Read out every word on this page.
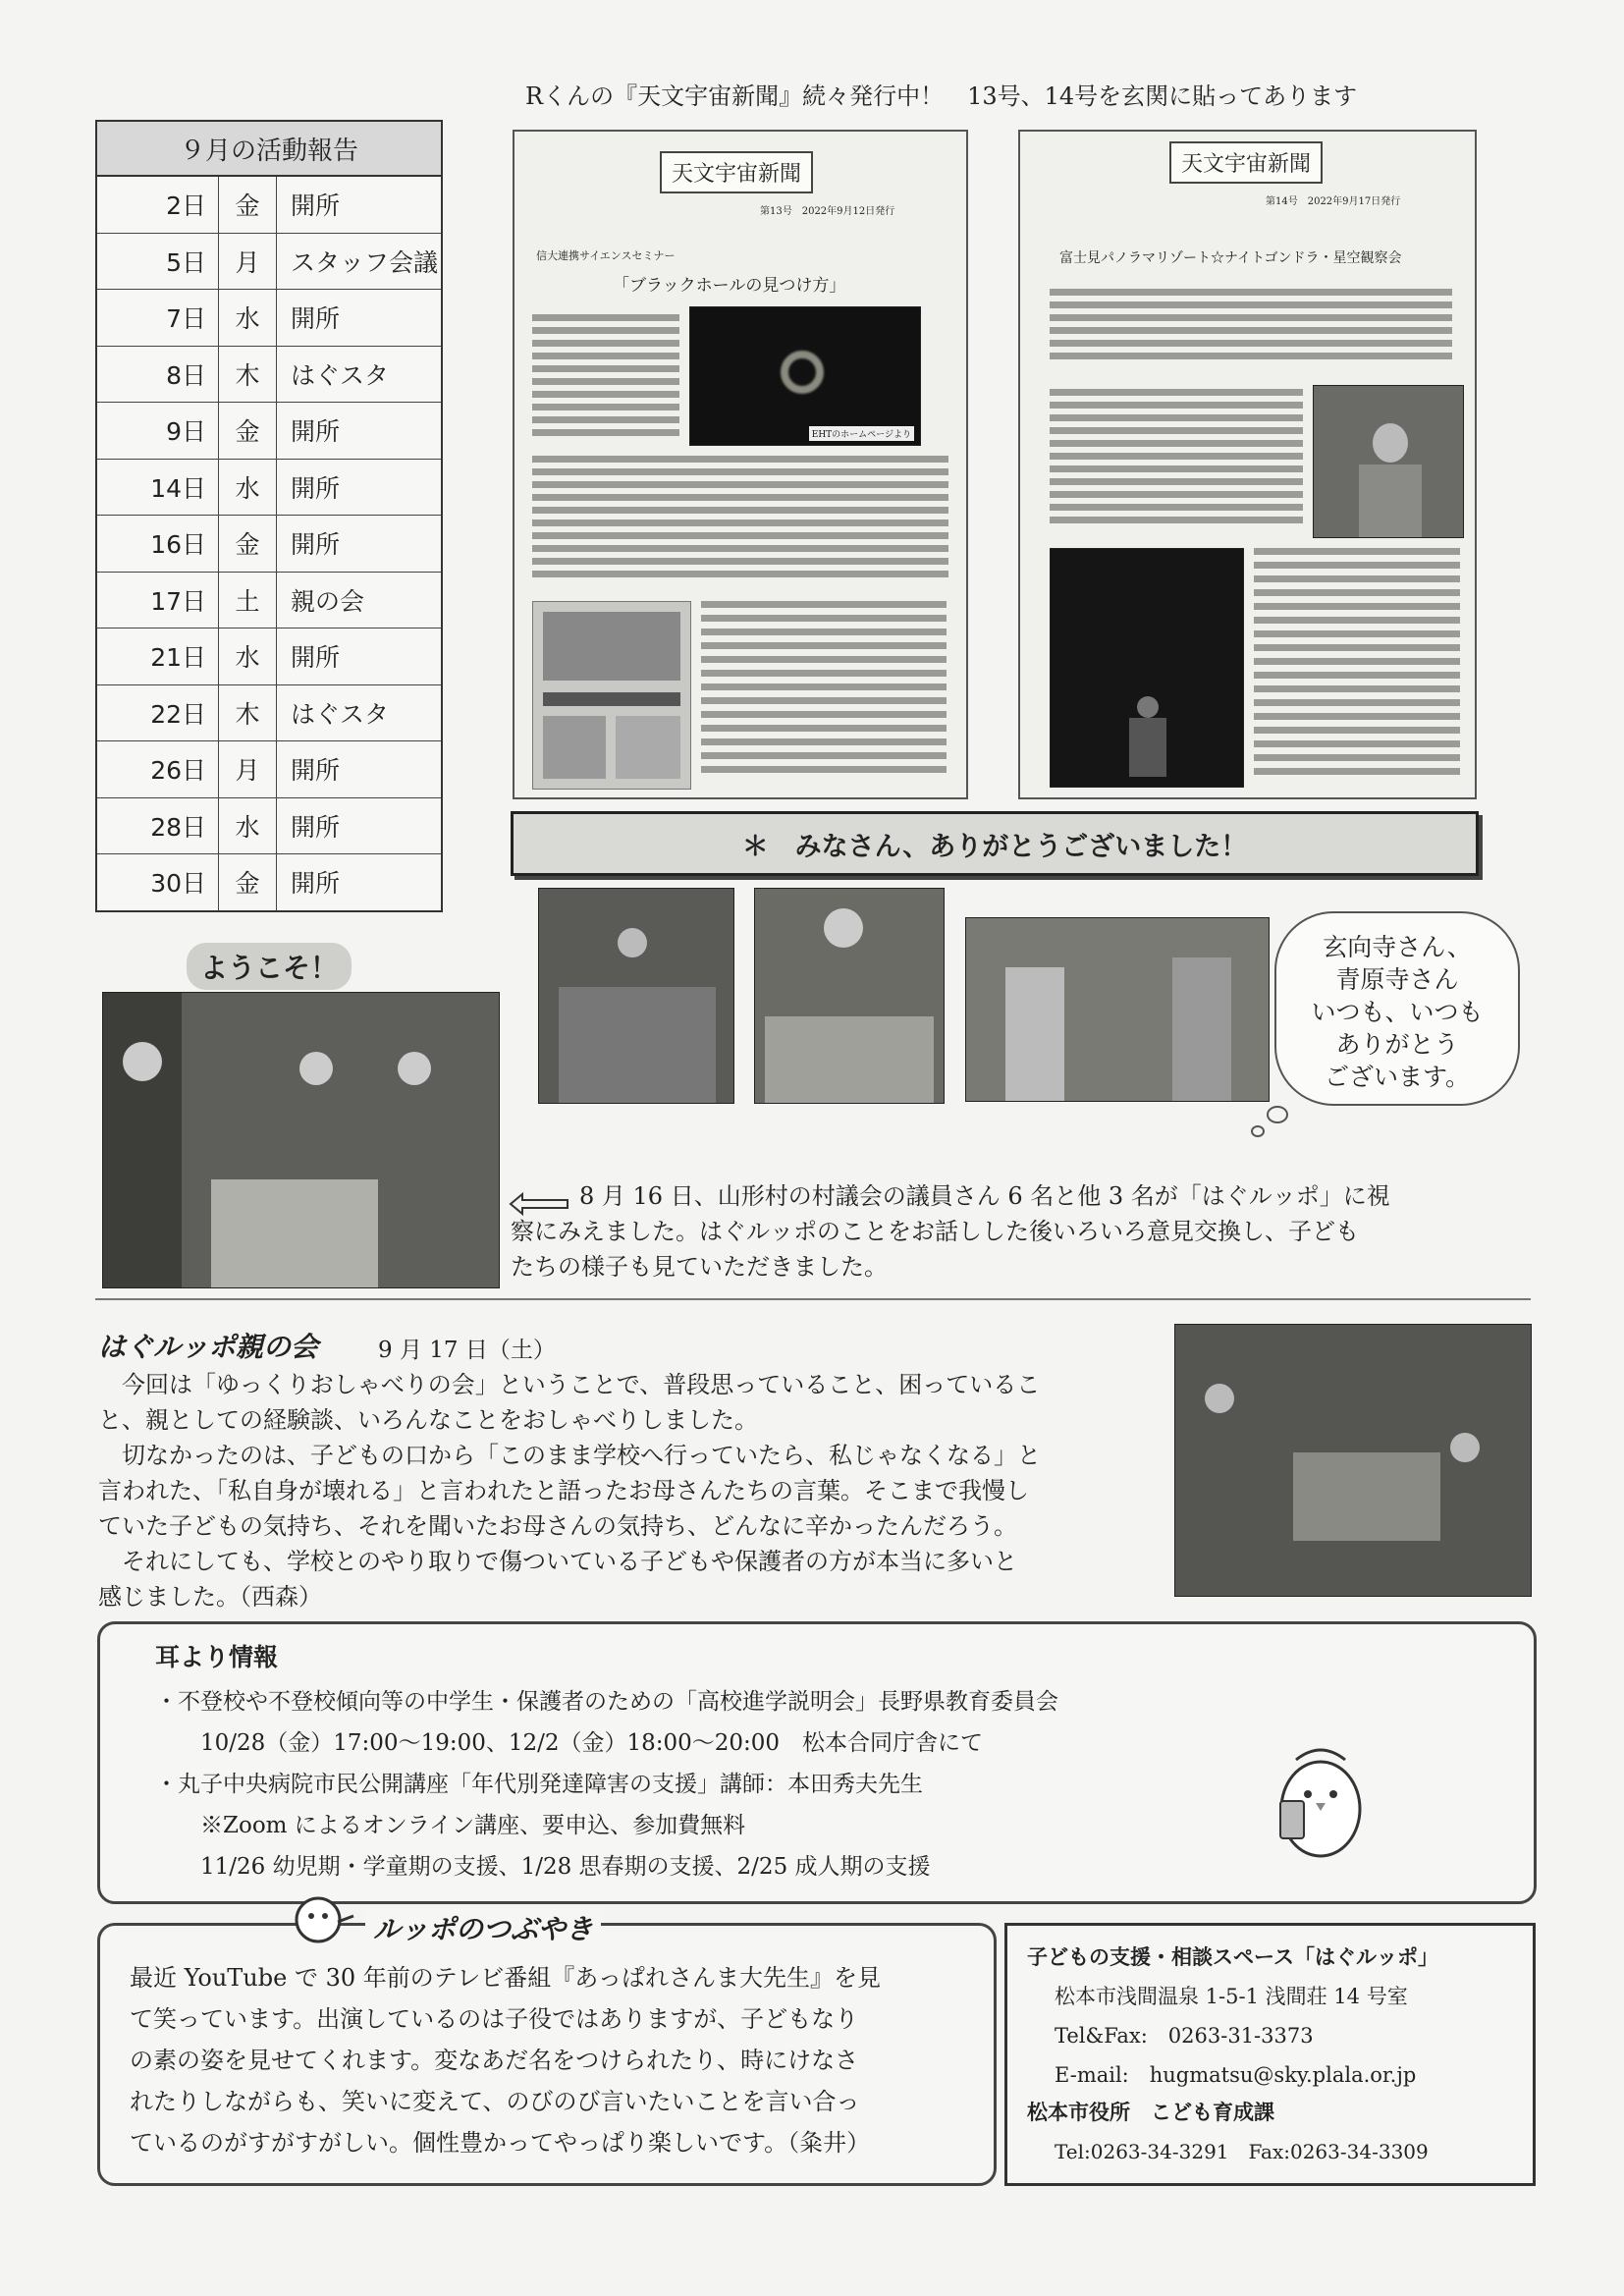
Rくんの『天文宇宙新聞』続々発行中！　13号、14号を玄関に貼ってあります
９月の活動報告
2日	金	開所
5日	月	スタッフ会議
7日	水	開所
8日	木	はぐスタ
9日	金	開所
14日	水	開所
16日	金	開所
17日	土	親の会
21日	水	開所
22日	木	はぐスタ
26日	月	開所
28日	水	開所
30日	金	開所
天文宇宙新聞
第13号　2022年9月12日発行
信大連携サイエンスセミナー
「ブラックホールの見つけ方」
EHTのホームページより
天文宇宙新聞
第14号　2022年9月17日発行
富士見パノラマリゾート☆ナイトゴンドラ・星空観察会
＊　みなさん、ありがとうございました！
玄向寺さん、
青原寺さん
いつも、いつも
ありがとう
ございます。
ようこそ！
8 月 16 日、山形村の村議会の議員さん 6 名と他 3 名が「はぐルッポ」に視
察にみえました。はぐルッポのことをお話しした後いろいろ意見交換し、子ども
たちの様子も見ていただきました。
はぐルッポ親の会	9 月 17 日（土）
　今回は「ゆっくりおしゃべりの会」ということで、普段思っていること、困っているこ
と、親としての経験談、いろんなことをおしゃべりしました。
　切なかったのは、子どもの口から「このまま学校へ行っていたら、私じゃなくなる」と
言われた、「私自身が壊れる」と言われたと語ったお母さんたちの言葉。そこまで我慢し
ていた子どもの気持ち、それを聞いたお母さんの気持ち、どんなに辛かったんだろう。
　それにしても、学校とのやり取りで傷ついている子どもや保護者の方が本当に多いと
感じました。（西森）
耳より情報
・不登校や不登校傾向等の中学生・保護者のための「高校進学説明会」長野県教育委員会
　　10/28（金）17:00～19:00、12/2（金）18:00～20:00　松本合同庁舎にて
・丸子中央病院市民公開講座「年代別発達障害の支援」講師：本田秀夫先生
　　※Zoom によるオンライン講座、要申込、参加費無料
　　11/26 幼児期・学童期の支援、1/28 思春期の支援、2/25 成人期の支援
ルッポのつぶやき
最近 YouTube で 30 年前のテレビ番組『あっぱれさんま大先生』を見
て笑っています。出演しているのは子役ではありますが、子どもなり
の素の姿を見せてくれます。変なあだ名をつけられたり、時にけなさ
れたりしながらも、笑いに変えて、のびのび言いたいことを言い合っ
ているのがすがすがしい。個性豊かってやっぱり楽しいです。（粂井）
子どもの支援・相談スペース「はぐルッポ」
松本市浅間温泉 1-5-1 浅間荘 14 号室
Tel&Fax:　0263-31-3373
E-mail:　hugmatsu@sky.plala.or.jp
松本市役所　こども育成課
Tel:0263-34-3291　Fax:0263-34-3309
